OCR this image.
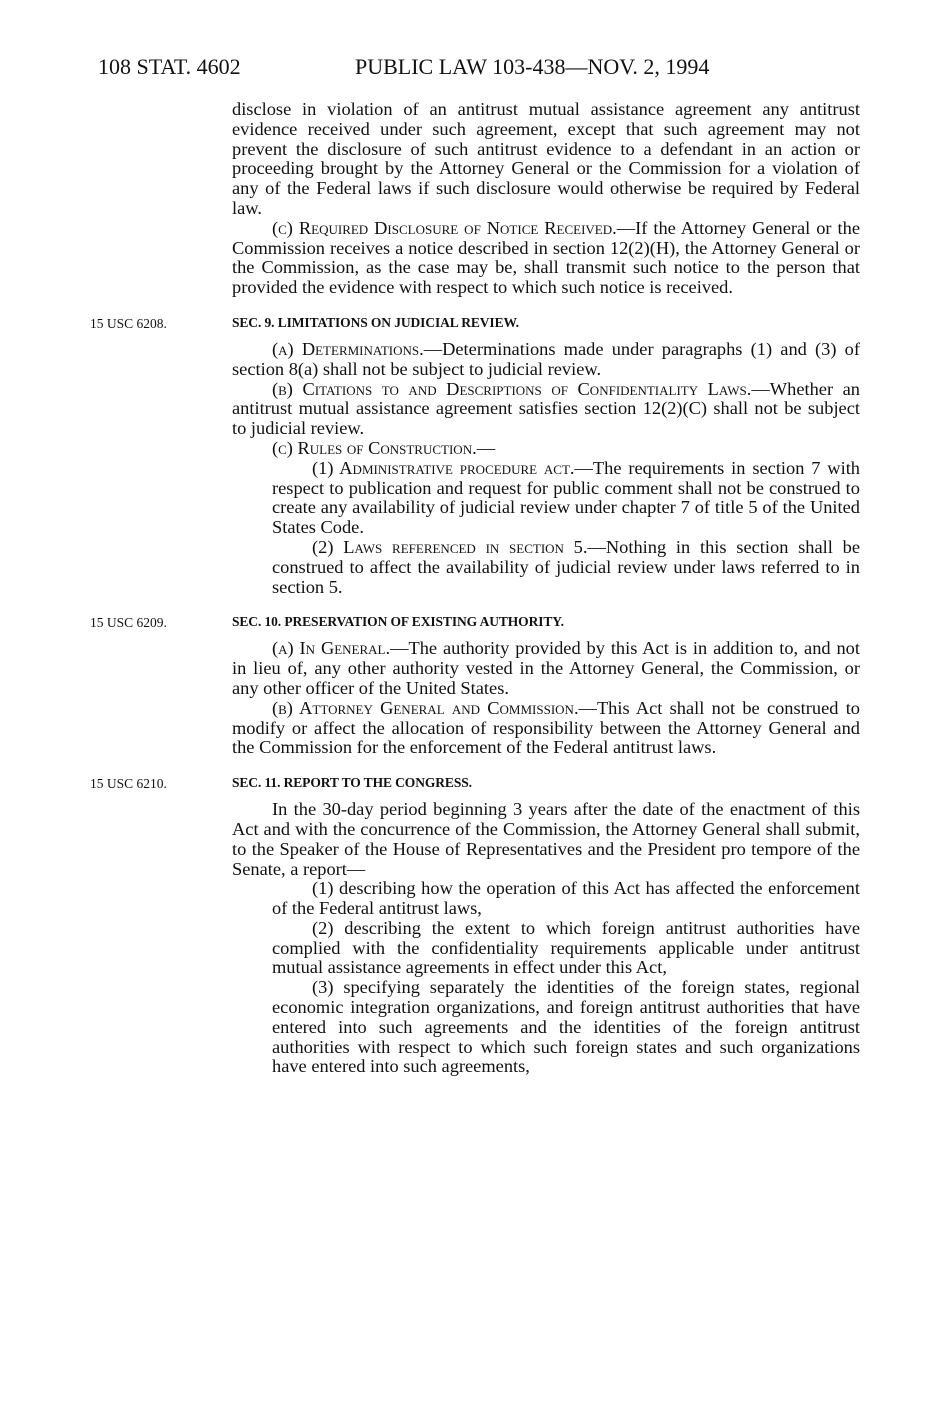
108 STAT. 4602	PUBLIC LAW 103-438—NOV. 2, 1994

disclose in violation of an antitrust mutual assistance agreement any antitrust evidence received under such agreement, except that such agreement may not prevent the disclosure of such antitrust evidence to a defendant in an action or proceeding brought by the Attorney General or the Commission for a violation of any of the Federal laws if such disclosure would otherwise be required by Federal law.

(c) Required Disclosure of Notice Received.—If the Attorney General or the Commission receives a notice described in section 12(2)(H), the Attorney General or the Commission, as the case may be, shall transmit such notice to the person that provided the evidence with respect to which such notice is received.

15 USC 6208.	SEC. 9. LIMITATIONS ON JUDICIAL REVIEW.

(a) Determinations.—Determinations made under paragraphs (1) and (3) of section 8(a) shall not be subject to judicial review.

(b) Citations to and Descriptions of Confidentiality Laws.—Whether an antitrust mutual assistance agreement satisfies section 12(2)(C) shall not be subject to judicial review.

(c) Rules of Construction.—

(1) Administrative procedure act.—The requirements in section 7 with respect to publication and request for public comment shall not be construed to create any availability of judicial review under chapter 7 of title 5 of the United States Code.

(2) Laws referenced in section 5.—Nothing in this section shall be construed to affect the availability of judicial review under laws referred to in section 5.

15 USC 6209.	SEC. 10. PRESERVATION OF EXISTING AUTHORITY.

(a) In General.—The authority provided by this Act is in addition to, and not in lieu of, any other authority vested in the Attorney General, the Commission, or any other officer of the United States.

(b) Attorney General and Commission.—This Act shall not be construed to modify or affect the allocation of responsibility between the Attorney General and the Commission for the enforcement of the Federal antitrust laws.

15 USC 6210.	SEC. 11. REPORT TO THE CONGRESS.

In the 30-day period beginning 3 years after the date of the enactment of this Act and with the concurrence of the Commission, the Attorney General shall submit, to the Speaker of the House of Representatives and the President pro tempore of the Senate, a report—

(1) describing how the operation of this Act has affected the enforcement of the Federal antitrust laws,

(2) describing the extent to which foreign antitrust authorities have complied with the confidentiality requirements applicable under antitrust mutual assistance agreements in effect under this Act,

(3) specifying separately the identities of the foreign states, regional economic integration organizations, and foreign antitrust authorities that have entered into such agreements and the identities of the foreign antitrust authorities with respect to which such foreign states and such organizations have entered into such agreements,
